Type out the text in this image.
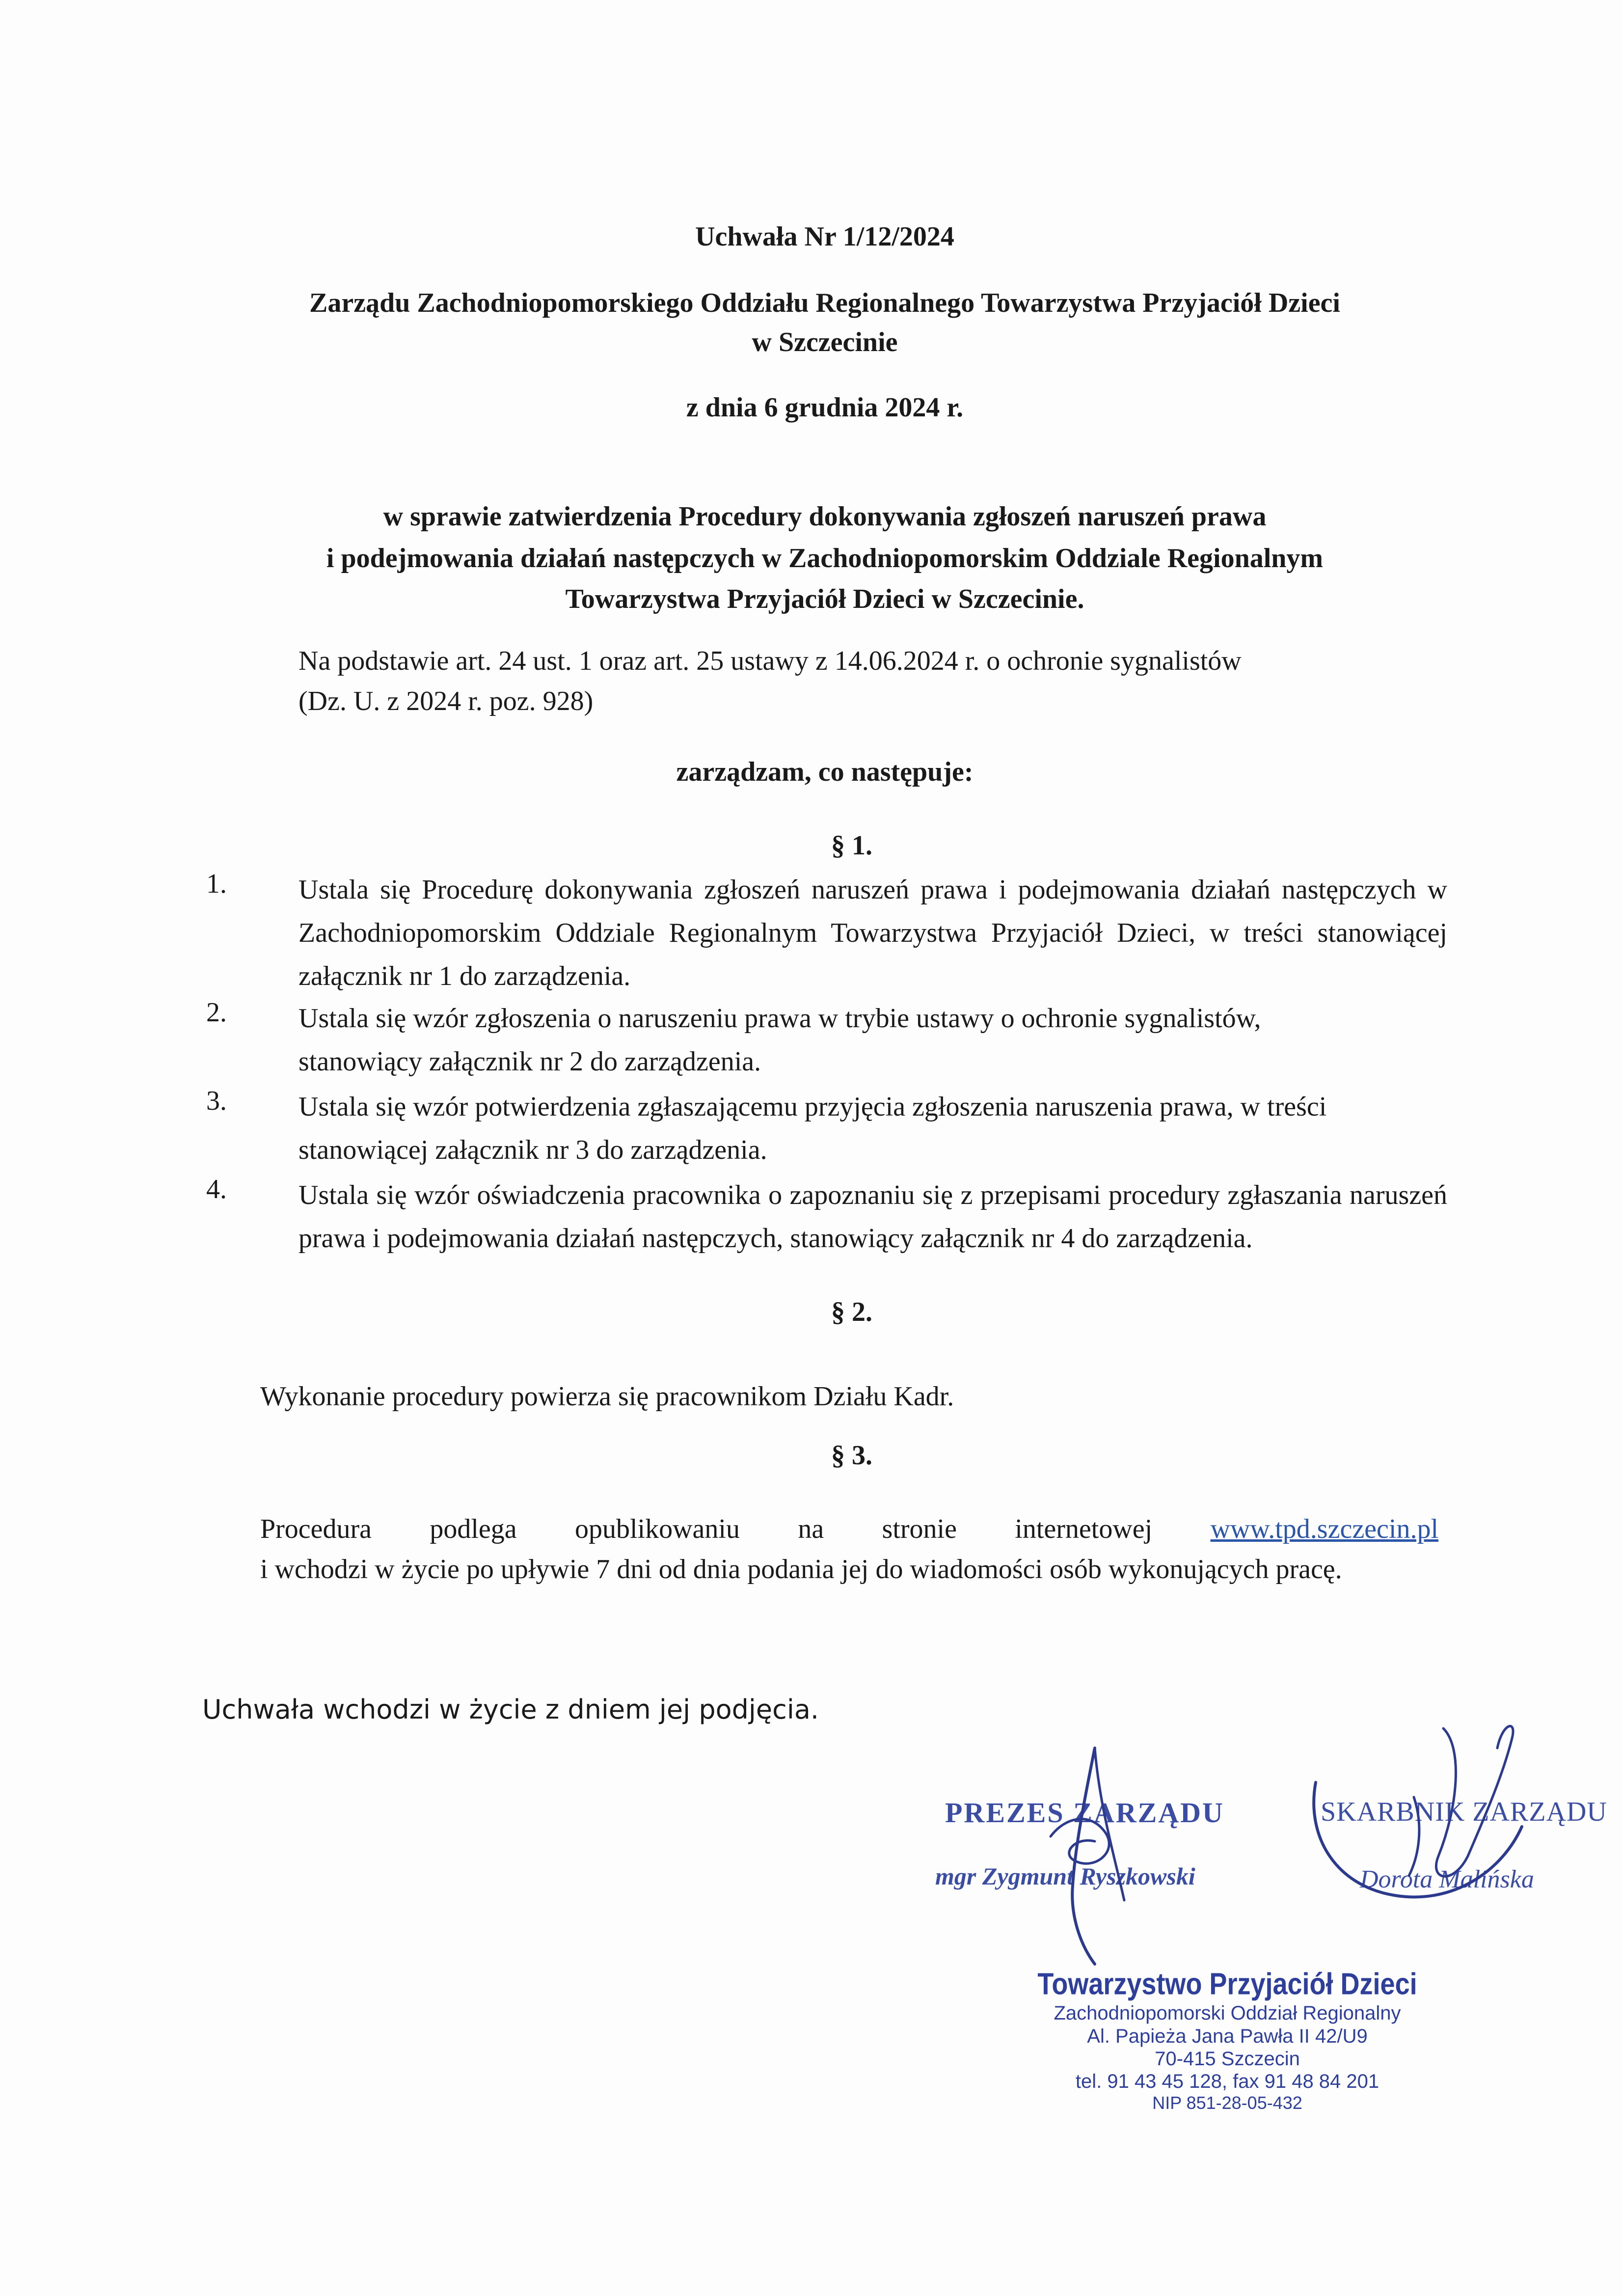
Uchwała Nr 1/12/2024
Zarządu Zachodniopomorskiego Oddziału Regionalnego Towarzystwa Przyjaciół Dzieci
w Szczecinie
z dnia 6 grudnia 2024 r.
w sprawie zatwierdzenia Procedury dokonywania zgłoszeń naruszeń prawa
i podejmowania działań następczych w Zachodniopomorskim Oddziale Regionalnym
Towarzystwa Przyjaciół Dzieci w Szczecinie.
Na podstawie art. 24 ust. 1 oraz art. 25 ustawy z 14.06.2024 r. o ochronie sygnalistów
(Dz. U. z 2024 r. poz. 928)
zarządzam, co następuje:
§ 1.
1.	Ustala się Procedurę dokonywania zgłoszeń naruszeń prawa i podejmowania działań następczych w Zachodniopomorskim Oddziale Regionalnym Towarzystwa Przyjaciół Dzieci, w treści stanowiącej załącznik nr 1 do zarządzenia.
2.	Ustala się wzór zgłoszenia o naruszeniu prawa w trybie ustawy o ochronie sygnalistów, stanowiący załącznik nr 2 do zarządzenia.
3.	Ustala się wzór potwierdzenia zgłaszającemu przyjęcia zgłoszenia naruszenia prawa, w treści stanowiącej załącznik nr 3 do zarządzenia.
4.	Ustala się wzór oświadczenia pracownika o zapoznaniu się z przepisami procedury zgłaszania naruszeń prawa i podejmowania działań następczych, stanowiący załącznik nr 4 do zarządzenia.
§ 2.
Wykonanie procedury powierza się pracownikom Działu Kadr.
§ 3.
Procedura podlega opublikowaniu na stronie internetowej www.tpd.szczecin.pl
i wchodzi w życie po upływie 7 dni od dnia podania jej do wiadomości osób wykonujących pracę.
Uchwała wchodzi w życie z dniem jej podjęcia.
PREZES ZARZĄDU
mgr Zygmunt Ryszkowski
SKARBNIK ZARZĄDU
Dorota Malińska
Towarzystwo Przyjaciół Dzieci
Zachodniopomorski Oddział Regionalny
Al. Papieża Jana Pawła II 42/U9
70-415 Szczecin
tel. 91 43 45 128, fax 91 48 84 201
NIP 851-28-05-432
